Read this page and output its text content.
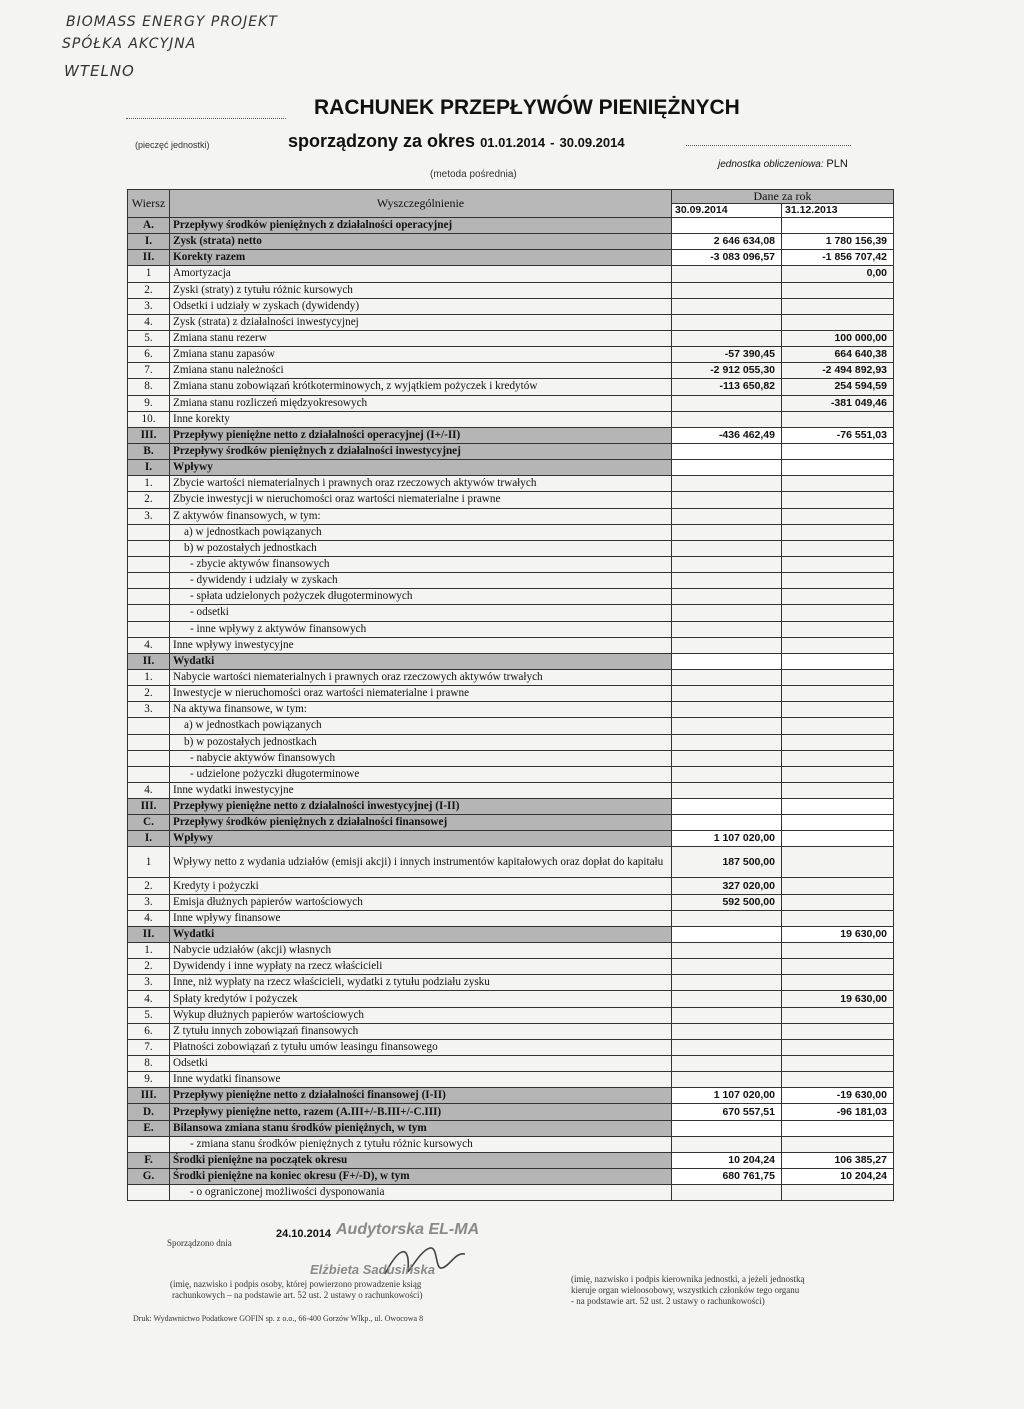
BIOMASS ENERGY PROJEKT
SPÓŁKA AKCYJNA
WTELNO
(pieczęć jednostki)
RACHUNEK PRZEPŁYWÓW PIENIĘŻNYCH
sporządzony za okres 01.01.2014 - 30.09.2014
(metoda pośrednia)
jednostka obliczeniowa: PLN
Wiersz	Wyszczególnienie	Dane za rok	
		30.09.2014	31.12.2013
A.	Przepływy środków pieniężnych z działalności operacyjnej		
I.	Zysk (strata) netto	2 646 634,08	1 780 156,39
II.	Korekty razem	-3 083 096,57	-1 856 707,42
1	Amortyzacja		0,00
2.	Zyski (straty) z tytułu różnic kursowych		
3.	Odsetki i udziały w zyskach (dywidendy)		
4.	Zysk (strata) z działalności inwestycyjnej		
5.	Zmiana stanu rezerw		100 000,00
6.	Zmiana stanu zapasów	-57 390,45	664 640,38
7.	Zmiana stanu należności	-2 912 055,30	-2 494 892,93
8.	Zmiana stanu zobowiązań krótkoterminowych, z wyjątkiem pożyczek i kredytów	-113 650,82	254 594,59
9.	Zmiana stanu rozliczeń międzyokresowych		-381 049,46
10.	Inne korekty		
III.	Przepływy pieniężne netto z działalności operacyjnej (I+/-II)	-436 462,49	-76 551,03
B.	Przepływy środków pieniężnych z działalności inwestycyjnej		
I.	Wpływy		
1.	Zbycie wartości niematerialnych i prawnych oraz rzeczowych aktywów trwałych		
2.	Zbycie inwestycji w nieruchomości oraz wartości niematerialne i prawne		
3.	Z aktywów finansowych, w tym:		
	a) w jednostkach powiązanych		
	b) w pozostałych jednostkach		
	- zbycie aktywów finansowych		
	- dywidendy i udziały w zyskach		
	- spłata udzielonych pożyczek długoterminowych		
	- odsetki		
	- inne wpływy z aktywów finansowych		
4.	Inne wpływy inwestycyjne		
II.	Wydatki		
1.	Nabycie wartości niematerialnych i prawnych oraz rzeczowych aktywów trwałych		
2.	Inwestycje w nieruchomości oraz wartości niematerialne i prawne		
3.	Na aktywa finansowe, w tym:		
	a) w jednostkach powiązanych		
	b) w pozostałych jednostkach		
	- nabycie aktywów finansowych		
	- udzielone pożyczki długoterminowe		
4.	Inne wydatki inwestycyjne		
III.	Przepływy pieniężne netto z działalności inwestycyjnej (I-II)		
C.	Przepływy środków pieniężnych z działalności finansowej		
I.	Wpływy	1 107 020,00	
1	Wpływy netto z wydania udziałów (emisji akcji) i innych instrumentów kapitałowych oraz dopłat do kapitału	187 500,00	
2.	Kredyty i pożyczki	327 020,00	
3.	Emisja dłużnych papierów wartościowych	592 500,00	
4.	Inne wpływy finansowe		
II.	Wydatki		19 630,00
1.	Nabycie udziałów (akcji) własnych		
2.	Dywidendy i inne wypłaty na rzecz właścicieli		
3.	Inne, niż wypłaty na rzecz właścicieli, wydatki z tytułu podziału zysku		
4.	Spłaty kredytów i pożyczek		19 630,00
5.	Wykup dłużnych papierów wartościowych		
6.	Z tytułu innych zobowiązań finansowych		
7.	Płatności zobowiązań z tytułu umów leasingu finansowego		
8.	Odsetki		
9.	Inne wydatki finansowe		
III.	Przepływy pieniężne netto z działalności finansowej (I-II)	1 107 020,00	-19 630,00
D.	Przepływy pieniężne netto, razem (A.III+/-B.III+/-C.III)	670 557,51	-96 181,03
E.	Bilansowa zmiana stanu środków pieniężnych, w tym		
	- zmiana stanu środków pieniężnych z tytułu różnic kursowych		
F.	Środki pieniężne na początek okresu	10 204,24	106 385,27
G.	Środki pieniężne na koniec okresu (F+/-D), w tym	680 761,75	10 204,24
	- o ograniczonej możliwości dysponowania		
Sporządzono dnia
24.10.2014 Audytorska EL-MA
Elżbieta Sadusińska
(imię, nazwisko i podpis osoby, której powierzono prowadzenie ksiąg
rachunkowych – na podstawie art. 52 ust. 2 ustawy o rachunkowości)
(imię, nazwisko i podpis kierownika jednostki, a jeżeli jednostką
kieruje organ wieloosobowy, wszystkich członków tego organu
- na podstawie art. 52 ust. 2 ustawy o rachunkowości)
Druk: Wydawnictwo Podatkowe GOFIN sp. z o.o., 66-400 Gorzów Wlkp., ul. Owocowa 8
